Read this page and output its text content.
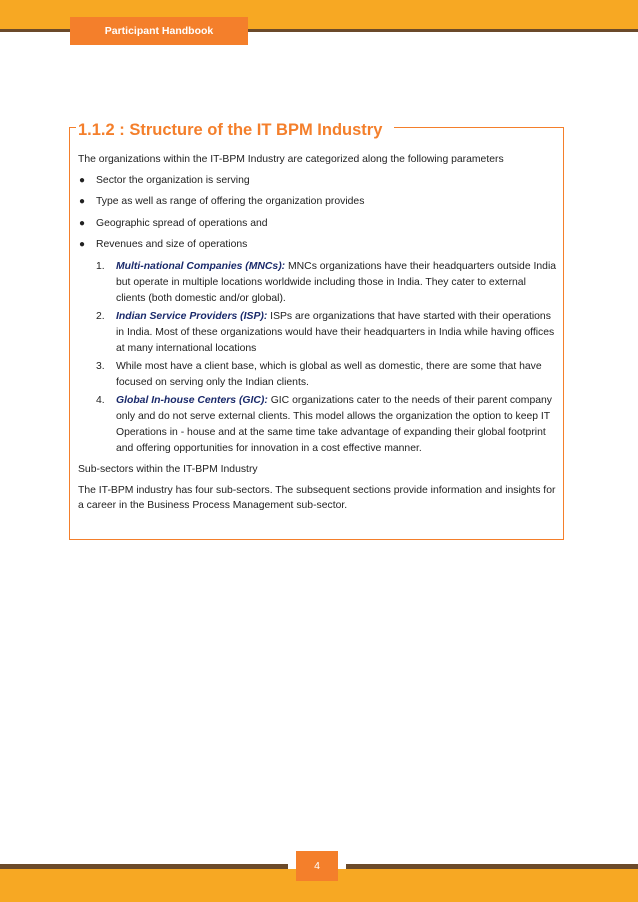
Participant Handbook
1.1.2 : Structure of the IT BPM Industry

The organizations within the IT-BPM Industry are categorized along the following parameters

● Sector the organization is serving
● Type as well as range of offering the organization provides
● Geographic spread of operations and
● Revenues and size of operations
1. Multi-national Companies (MNCs): MNCs organizations have their headquarters outside India but operate in multiple locations worldwide including those in India. They cater to external clients (both domestic and/or global).
2. Indian Service Providers (ISP): ISPs are organizations that have started with their operations in India. Most of these organizations would have their headquarters in India while having offices at many international locations
3. While most have a client base, which is global as well as domestic, there are some that have focused on serving only the Indian clients.
4. Global In-house Centers (GIC): GIC organizations cater to the needs of their parent company only and do not serve external clients. This model allows the organization the option to keep IT Operations in - house and at the same time take advantage of expanding their global footprint and offering opportunities for innovation in a cost effective manner.

Sub-sectors within the IT-BPM Industry

The IT-BPM industry has four sub-sectors. The subsequent sections provide information and insights for a career in the Business Process Management sub-sector.

4
